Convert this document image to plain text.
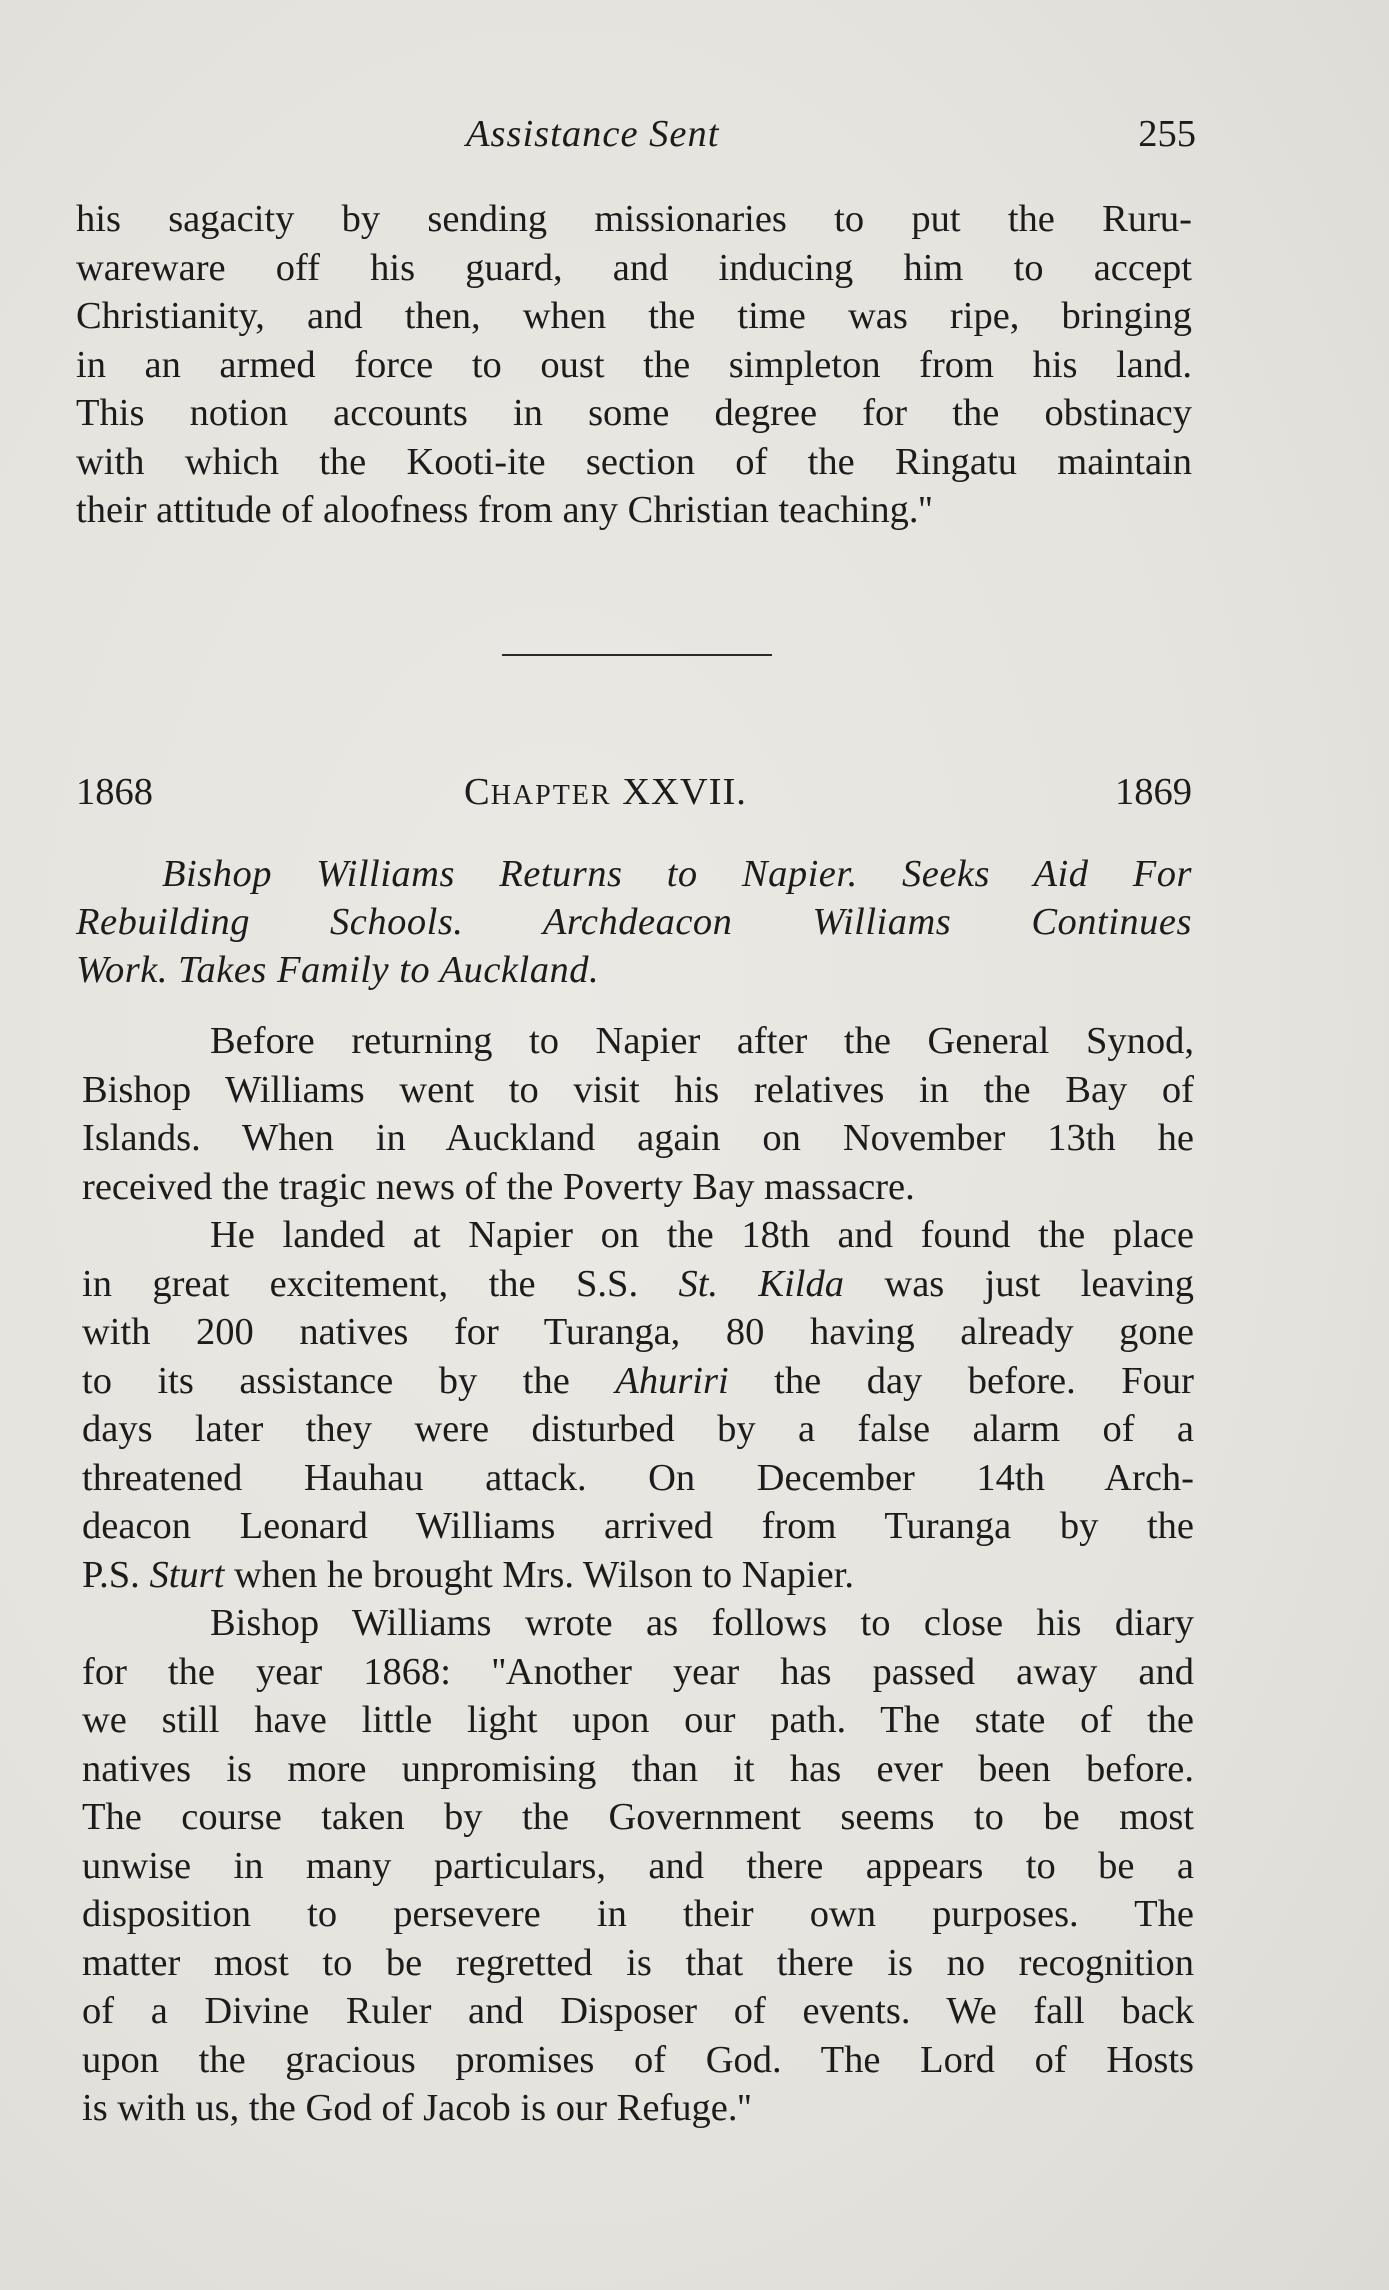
Assistance Sent	255
his sagacity by sending missionaries to put the Ruru-
wareware off his guard, and inducing him to accept
Christianity, and then, when the time was ripe, bringing
in an armed force to oust the simpleton from his land.
This notion accounts in some degree for the obstinacy
with which the Kooti-ite section of the Ringatu maintain
their attitude of aloofness from any Christian teaching.''
1868	CHAPTER XXVII.	1869
Bishop Williams Returns to Napier. Seeks Aid For
Rebuilding Schools. Archdeacon Williams Continues
Work. Takes Family to Auckland.

Before returning to Napier after the General Synod,
Bishop Williams went to visit his relatives in the Bay of
Islands. When in Auckland again on November 13th he
received the tragic news of the Poverty Bay massacre.

He landed at Napier on the 18th and found the place
in great excitement, the S.S. St. Kilda was just leaving
with 200 natives for Turanga, 80 having already gone
to its assistance by the Ahuriri the day before. Four
days later they were disturbed by a false alarm of a
threatened Hauhau attack. On December 14th Arch-
deacon Leonard Williams arrived from Turanga by the
P.S. Sturt when he brought Mrs. Wilson to Napier.

Bishop Williams wrote as follows to close his diary
for the year 1868: ''Another year has passed away and
we still have little light upon our path. The state of the
natives is more unpromising than it has ever been before.
The course taken by the Government seems to be most
unwise in many particulars, and there appears to be a
disposition to persevere in their own purposes. The
matter most to be regretted is that there is no recognition
of a Divine Ruler and Disposer of events. We fall back
upon the gracious promises of God. The Lord of Hosts
is with us, the God of Jacob is our Refuge.''
